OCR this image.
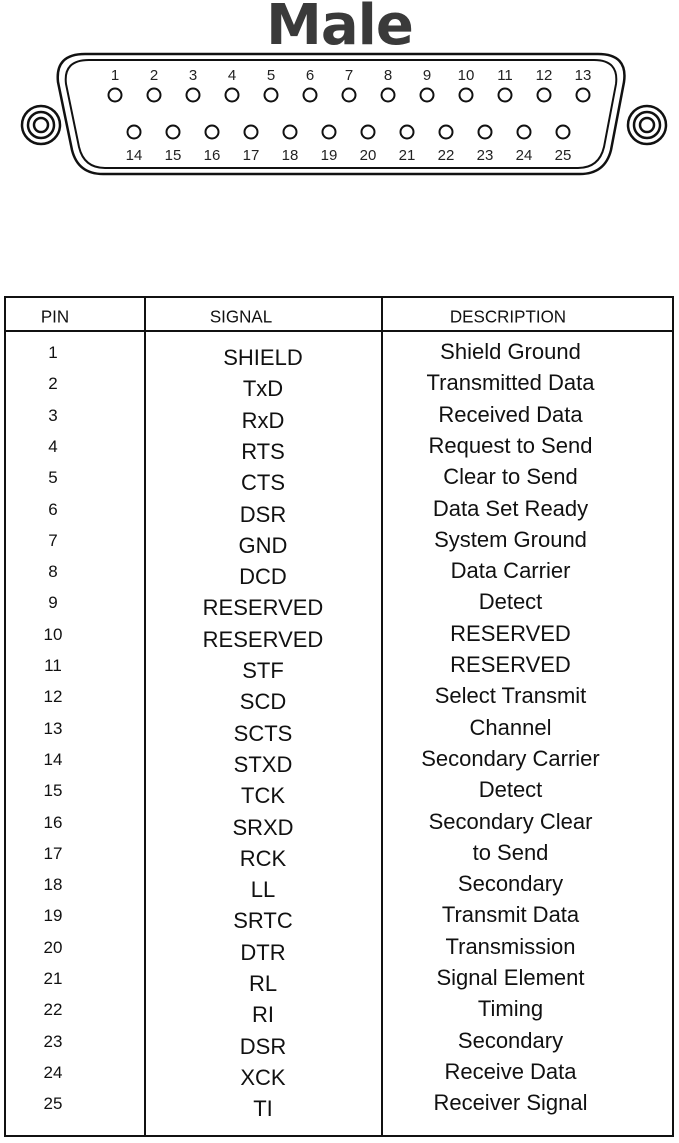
Male
1 2 3 4 5 6 7 8 9 10 11 12 13
14 15 16 17 18 19 20 21 22 23 24 25
PIN	SIGNAL	DESCRIPTION
1	SHIELD	Shield Ground
2	TxD	Transmitted Data
3	RxD	Received Data
4	RTS	Request to Send
5	CTS	Clear to Send
6	DSR	Data Set Ready
7	GND	System Ground
8	DCD	Data Carrier
9	RESERVED	Detect
10	RESERVED	RESERVED
11	STF	RESERVED
12	SCD	Select Transmit
13	SCTS	Channel
14	STXD	Secondary Carrier
15	TCK	Detect
16	SRXD	Secondary Clear
17	RCK	to Send
18	LL	Secondary
19	SRTC	Transmit Data
20	DTR	Transmission
21	RL	Signal Element
22	RI	Timing
23	DSR	Secondary
24	XCK	Receive Data
25	TI	Receiver Signal
